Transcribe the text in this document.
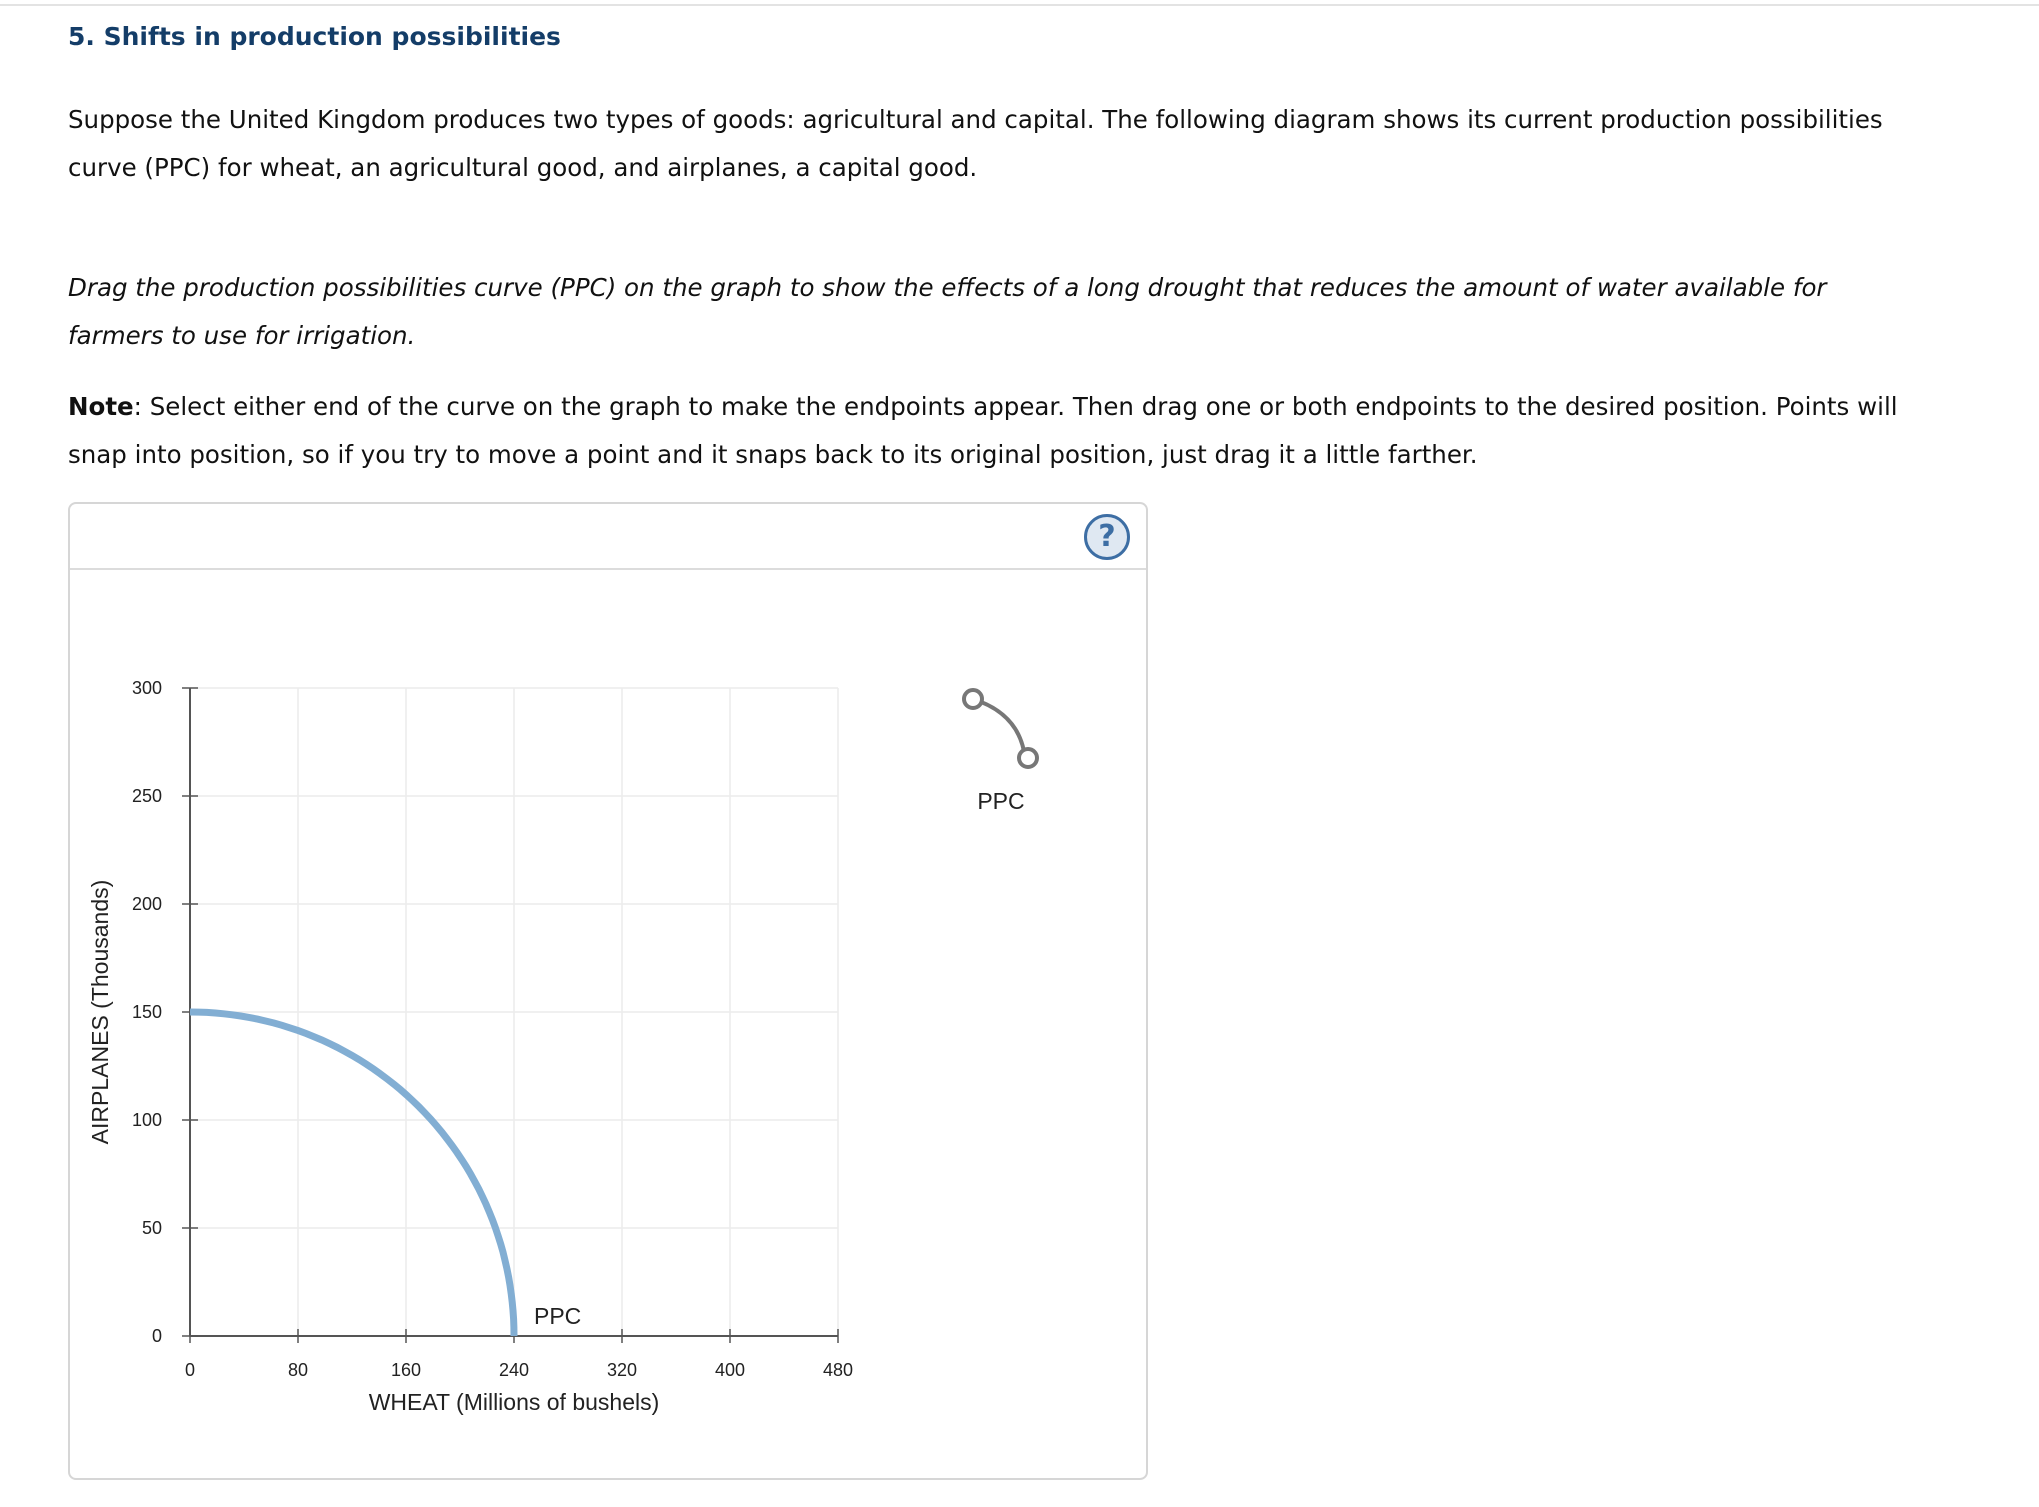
5. Shifts in production possibilities

Suppose the United Kingdom produces two types of goods: agricultural and capital. The following diagram shows its current production possibilities curve (PPC) for wheat, an agricultural good, and airplanes, a capital good.

Drag the production possibilities curve (PPC) on the graph to show the effects of a long drought that reduces the amount of water available for farmers to use for irrigation.

Note: Select either end of the curve on the graph to make the endpoints appear. Then drag one or both endpoints to the desired position. Points will snap into position, so if you try to move a point and it snaps back to its original position, just drag it a little farther.

?
0	80	160	240	320	400	480
0
50
100
150
200
250
300
PPC
WHEAT (Millions of bushels)
AIRPLANES (Thousands)
PPC
